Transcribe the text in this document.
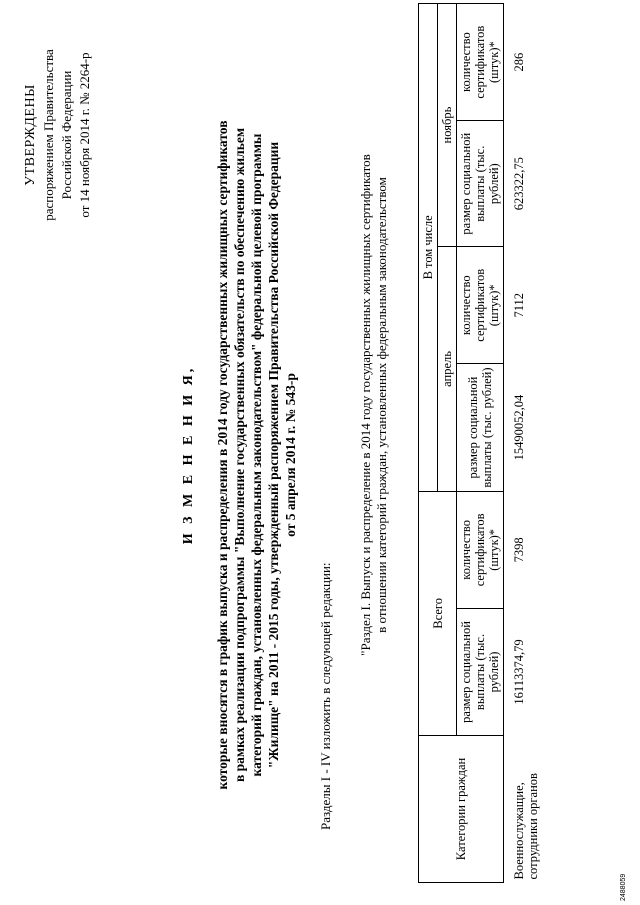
УТВЕРЖДЕНЫ распоряжением Правительства Российской Федерации от 14 ноября 2014 г. № 2264-р
И З М Е Н Е Н И Я, которые вносятся в график выпуска и распределения в 2014 году государственных жилищных сертификатов в рамках реализации подпрограммы "Выполнение государственных обязательств по обеспечению жильем категорий граждан, установленных федеральным законодательством" федеральной целевой программы "Жилище" на 2011 - 2015 годы, утвержденный распоряжением Правительства Российской Федерации от 5 апреля 2014 г. № 543-р
Разделы I - IV изложить в следующей редакции:
"Раздел I. Выпуск и распределение в 2014 году государственных жилищных сертификатов в отношении категорий граждан, установленных федеральным законодательством
Категории граждан	Всего		В том числе			
			апрель		ноябрь	
	размер социальной выплаты (тыс. рублей)	количество сертификатов (штук)*	размер социальной выплаты (тыс. рублей)	количество сертификатов (штук)*	размер социальной выплаты (тыс. рублей)	количество сертификатов (штук)*
Военнослужащие, сотрудники органов	16113374,79	7398	15490052,04	7112	623322,75	286
2488059
